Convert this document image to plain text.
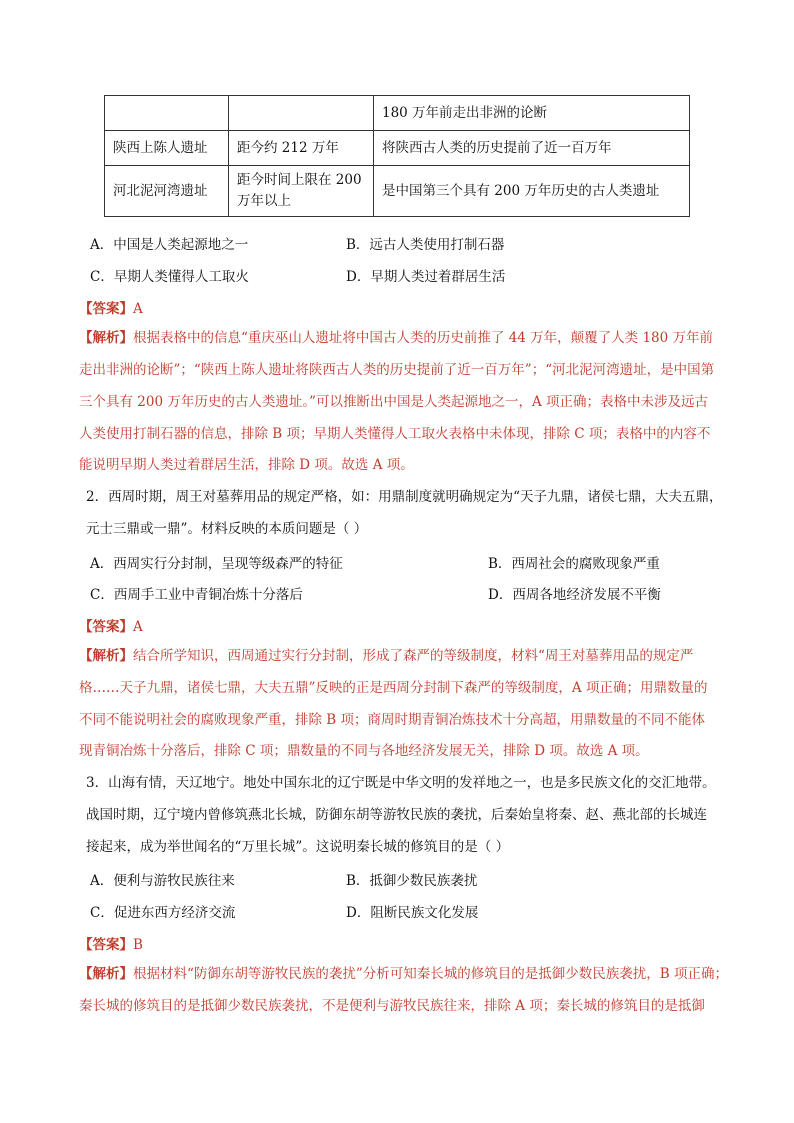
		180 万年前走出非洲的论断
陕西上陈人遗址	距今约 212 万年	将陕西古人类的历史提前了近一百万年
河北泥河湾遗址	距今时间上限在 200 万年以上	是中国第三个具有 200 万年历史的古人类遗址
A．中国是人类起源地之一	B．远古人类使用打制石器
C．早期人类懂得人工取火	D．早期人类过着群居生活
【答案】A
【解析】根据表格中的信息“重庆巫山人遗址将中国古人类的历史前推了 44 万年，颠覆了人类 180 万年前
走出非洲的论断”；“陕西上陈人遗址将陕西古人类的历史提前了近一百万年”；“河北泥河湾遗址，是中国第
三个具有 200 万年历史的古人类遗址。”可以推断出中国是人类起源地之一，A 项正确；表格中未涉及远古
人类使用打制石器的信息，排除 B 项；早期人类懂得人工取火表格中未体现，排除 C 项；表格中的内容不
能说明早期人类过着群居生活，排除 D 项。故选 A 项。
2．西周时期，周王对墓葬用品的规定严格，如：用鼎制度就明确规定为“天子九鼎，诸侯七鼎，大夫五鼎，
元士三鼎或一鼎”。材料反映的本质问题是（ ）
A．西周实行分封制，呈现等级森严的特征	B．西周社会的腐败现象严重
C．西周手工业中青铜冶炼十分落后	D．西周各地经济发展不平衡
【答案】A
【解析】结合所学知识，西周通过实行分封制，形成了森严的等级制度，材料“周王对墓葬用品的规定严
格……天子九鼎，诸侯七鼎，大夫五鼎”反映的正是西周分封制下森严的等级制度，A 项正确；用鼎数量的
不同不能说明社会的腐败现象严重，排除 B 项；商周时期青铜冶炼技术十分高超，用鼎数量的不同不能体
现青铜冶炼十分落后，排除 C 项；鼎数量的不同与各地经济发展无关，排除 D 项。故选 A 项。
3．山海有情，天辽地宁。地处中国东北的辽宁既是中华文明的发祥地之一，也是多民族文化的交汇地带。
战国时期，辽宁境内曾修筑燕北长城，防御东胡等游牧民族的袭扰，后秦始皇将秦、赵、燕北部的长城连
接起来，成为举世闻名的“万里长城”。这说明秦长城的修筑目的是（ ）
A．便利与游牧民族往来	B．抵御少数民族袭扰
C．促进东西方经济交流	D．阻断民族文化发展
【答案】B
【解析】根据材料“防御东胡等游牧民族的袭扰”分析可知秦长城的修筑目的是抵御少数民族袭扰，B 项正确；
秦长城的修筑目的是抵御少数民族袭扰，不是便利与游牧民族往来，排除 A 项；秦长城的修筑目的是抵御
